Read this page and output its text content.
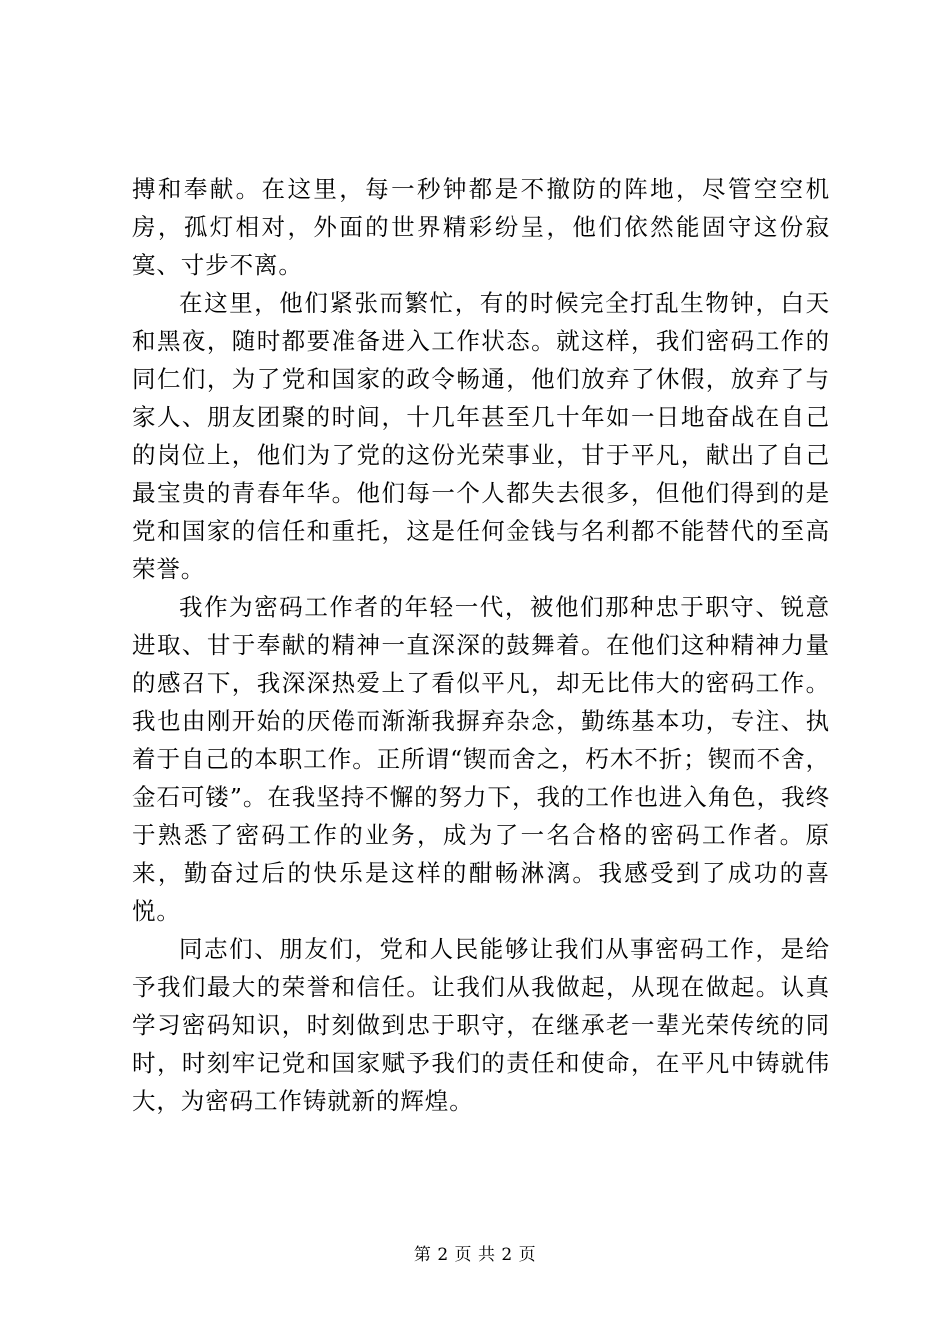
搏和奉献。在这里，每一秒钟都是不撤防的阵地，尽管空空机房，孤灯相对，外面的世界精彩纷呈，他们依然能固守这份寂寞、寸步不离。

在这里，他们紧张而繁忙，有的时候完全打乱生物钟，白天和黑夜，随时都要准备进入工作状态。就这样，我们密码工作的同仁们，为了党和国家的政令畅通，他们放弃了休假，放弃了与家人、朋友团聚的时间，十几年甚至几十年如一日地奋战在自己的岗位上，他们为了党的这份光荣事业，甘于平凡，献出了自己最宝贵的青春年华。他们每一个人都失去很多，但他们得到的是党和国家的信任和重托，这是任何金钱与名利都不能替代的至高荣誉。

我作为密码工作者的年轻一代，被他们那种忠于职守、锐意进取、甘于奉献的精神一直深深的鼓舞着。在他们这种精神力量的感召下，我深深热爱上了看似平凡，却无比伟大的密码工作。我也由刚开始的厌倦而渐渐我摒弃杂念，勤练基本功，专注、执着于自己的本职工作。正所谓“锲而舍之，朽木不折；锲而不舍，金石可镂”。在我坚持不懈的努力下，我的工作也进入角色，我终于熟悉了密码工作的业务，成为了一名合格的密码工作者。原来，勤奋过后的快乐是这样的酣畅淋漓。我感受到了成功的喜悦。

同志们、朋友们，党和人民能够让我们从事密码工作，是给予我们最大的荣誉和信任。让我们从我做起，从现在做起。认真学习密码知识，时刻做到忠于职守，在继承老一辈光荣传统的同时，时刻牢记党和国家赋予我们的责任和使命，在平凡中铸就伟大，为密码工作铸就新的辉煌。

第 2 页 共 2 页
